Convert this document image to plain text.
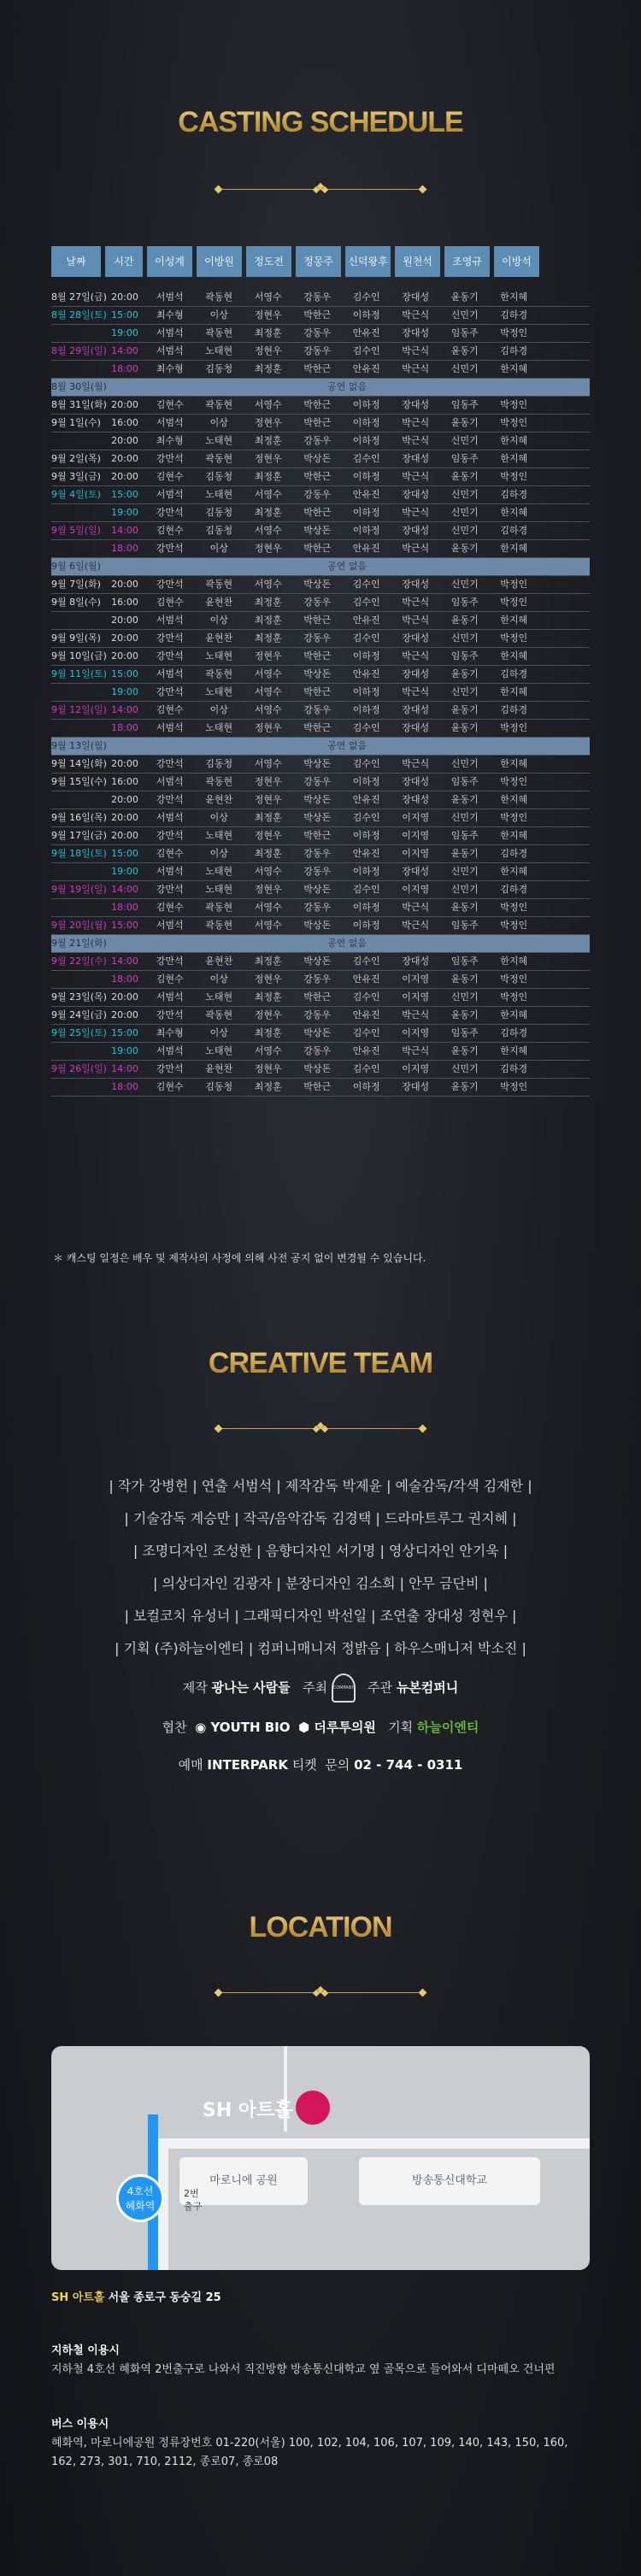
CASTING SCHEDULE
날짜	시간	이성계	이방원	정도전	정몽주	신덕왕후	원천석	조영규	이방석
8월 27일(금) 20:00	서범석	곽동현	서영수	강동우	김수인	장대성	윤동기	한지혜
8월 28일(토) 15:00	최수형	이상	정현우	박한근	이하정	박근식	신민기	김하경
19:00	서범석	곽동현	최정훈	강동우	안유진	장대성	임동주	박정인
8월 29일(일) 14:00	서범석	노태현	정현우	강동우	김수인	박근식	윤동기	김하경
18:00	최수형	김동청	최정훈	박한근	안유진	박근식	신민기	한지혜
8월 30일(월)	공연 없음
8월 31일(화) 20:00	김현수	곽동현	서영수	박한근	이하정	장대성	임동주	박정인
9월 1일(수)	16:00	서범석	이상	정현우	박한근	이하정	박근식	윤동기	박정인
20:00	최수형	노태현	최정훈	강동우	이하정	박근식	신민기	한지혜
9월 2일(목)	20:00	강만석	곽동현	정현우	박상돈	김수인	장대성	임동주	한지혜
9월 3일(금)	20:00	김현수	김동청	최정훈	박한근	이하정	박근식	윤동기	박정인
9월 4일(토)	15:00	서범석	노태현	서영수	강동우	안유진	장대성	신민기	김하경
19:00	강만석	김동청	최정훈	박한근	이하정	박근식	신민기	한지혜
9월 5일(일)	14:00	김현수	김동청	서영수	박상돈	이하정	장대성	신민기	김하경
18:00	강만석	이상	정현우	박한근	안유진	박근식	윤동기	한지혜
9월 6일(월)	공연 없음
9월 7일(화)	20:00	강만석	곽동현	서영수	박상돈	김수인	장대성	신민기	박정인
9월 8일(수)	16:00	김현수	윤현찬	최정훈	강동우	김수인	박근식	임동주	박정인
20:00	서범석	이상	최정훈	박한근	안유진	박근식	윤동기	한지혜
9월 9일(목)	20:00	강만석	윤현찬	최정훈	강동우	김수인	장대성	신민기	박정인
9월 10일(금) 20:00	강만석	노태현	정현우	박한근	이하정	박근식	임동주	한지혜
9월 11일(토) 15:00	서범석	곽동현	서영수	박상돈	안유진	장대성	윤동기	김하경
19:00	강만석	노태현	서영수	박한근	이하정	박근식	신민기	한지혜
9월 12일(일) 14:00	김현수	이상	서영수	강동우	이하정	장대성	윤동기	김하경
18:00	서범석	노태현	정현우	박한근	김수인	장대성	윤동기	박정인
9월 13일(월)	공연 없음
9월 14일(화) 20:00	강만석	김동청	서영수	박상돈	김수인	박근식	신민기	한지혜
9월 15일(수) 16:00	서범석	곽동현	정현우	강동우	이하정	장대성	임동주	박정인
20:00	강만석	윤현찬	정현우	박상돈	안유진	장대성	윤동기	한지혜
9월 16일(목) 20:00	서범석	이상	최정훈	박상돈	김수인	이지영	신민기	박정인
9월 17일(금) 20:00	강만석	노태현	정현우	박한근	이하정	이지영	임동주	한지혜
9월 18일(토) 15:00	김현수	이상	최정훈	강동우	안유진	이지영	윤동기	김하경
19:00	서범석	노태현	서영수	강동우	이하정	장대성	신민기	한지혜
9월 19일(일) 14:00	강만석	노태현	정현우	박상돈	김수인	이지영	신민기	김하경
18:00	김현수	곽동현	서영수	강동우	이하정	박근식	윤동기	박정인
9월 20일(월) 15:00	서범석	곽동현	서영수	박상돈	이하정	박근식	임동주	박정인
9월 21일(화)	공연 없음
9월 22일(수) 14:00	강만석	윤현찬	최정훈	박상돈	김수인	장대성	임동주	한지혜
18:00	김현수	이상	정현우	강동우	안유진	이지영	윤동기	박정인
9월 23일(목) 20:00	서범석	노태현	최정훈	박한근	김수인	이지영	신민기	박정인
9월 24일(금) 20:00	강만석	곽동현	정현우	강동우	안유진	박근식	윤동기	한지혜
9월 25일(토) 15:00	최수형	이상	최정훈	박상돈	김수인	이지영	임동주	김하경
19:00	서범석	노태현	서영수	강동우	안유진	박근식	윤동기	한지혜
9월 26일(일) 14:00	강만석	윤현찬	정현우	박상돈	김수인	이지영	신민기	김하경
18:00	김현수	김동청	최정훈	박한근	이하정	장대성	윤동기	박정인
＊ 캐스팅 일정은 배우 및 제작사의 사정에 의해 사전 공지 없이 변경될 수 있습니다.
CREATIVE TEAM
| 작가 강병헌 | 연출 서범석 | 제작감독 박제윤 | 예술감독/각색 김재한 |
| 기술감독 계승만 | 작곡/음악감독 김경택 | 드라마트루그 권지혜 |
| 조명디자인 조성한 | 음향디자인 서기명 | 영상디자인 안기욱 |
| 의상디자인 김광자 | 분장디자인 김소희 | 안무 금단비 |
| 보컬코치 유성너 | 그래픽디자인 박선일 | 조연출 장대성 정현우 |
| 기획 (주)하늘이엔티 | 컴퍼니매니저 정밝음 | 하우스매니저 박소진 |
제작 광나는 사람들 주최 COMPANY 주관 뉴본컴퍼니
협찬 ◉ YOUTH BIO ⬢ 더루투의원 기획 하늘이엔티
예매 INTERPARK 티켓 문의 02 - 744 - 0311
LOCATION
SH 아트홀
마로니에 공원	방송통신대학교
4호선
혜화역
2번
출구
SH 아트홀 서울 종로구 동숭길 25
지하철 이용시
지하철 4호선 혜화역 2번출구로 나와서 직진방향 방송통신대학교 옆 골목으로 들어와서 디마떼오 건너편
버스 이용시
혜화역, 마로니에공원 정류장번호 01-220(서울) 100, 102, 104, 106, 107, 109, 140, 143, 150, 160,
162, 273, 301, 710, 2112, 종로07, 종로08
